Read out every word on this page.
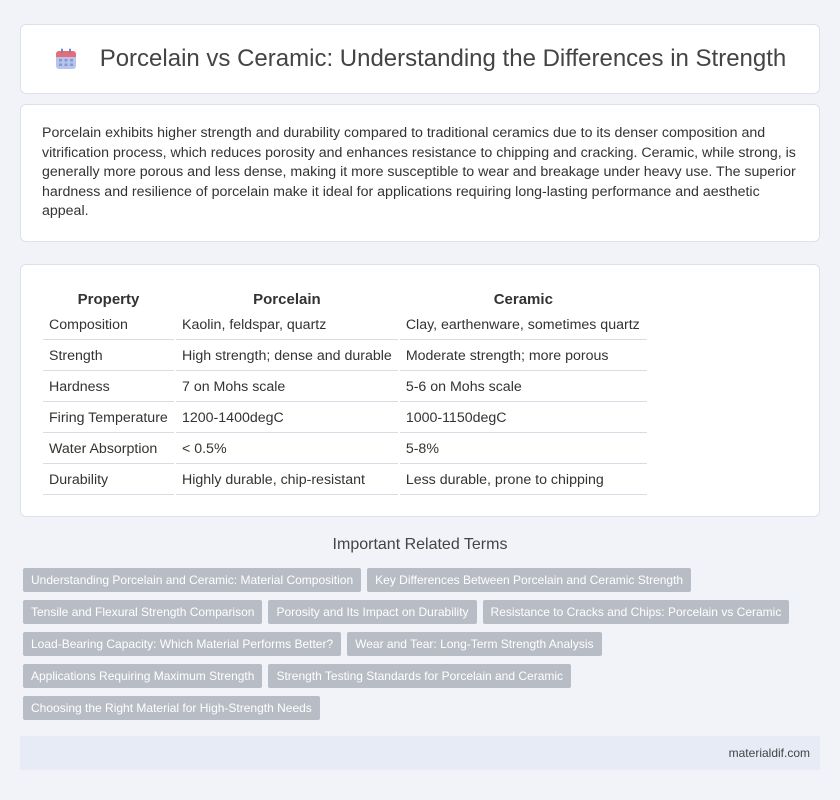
Porcelain vs Ceramic: Understanding the Differences in Strength

Porcelain exhibits higher strength and durability compared to traditional ceramics due to its denser composition and vitrification process, which reduces porosity and enhances resistance to chipping and cracking. Ceramic, while strong, is generally more porous and less dense, making it more susceptible to wear and breakage under heavy use. The superior hardness and resilience of porcelain make it ideal for applications requiring long-lasting performance and aesthetic appeal.

Property	Porcelain	Ceramic
Composition	Kaolin, feldspar, quartz	Clay, earthenware, sometimes quartz
Strength	High strength; dense and durable	Moderate strength; more porous
Hardness	7 on Mohs scale	5-6 on Mohs scale
Firing Temperature	1200-1400degC	1000-1150degC
Water Absorption	< 0.5%	5-8%
Durability	Highly durable, chip-resistant	Less durable, prone to chipping
Important Related Terms
Understanding Porcelain and Ceramic: Material Composition	Key Differences Between Porcelain and Ceramic Strength
Tensile and Flexural Strength Comparison	Porosity and Its Impact on Durability	Resistance to Cracks and Chips: Porcelain vs Ceramic
Load-Bearing Capacity: Which Material Performs Better?	Wear and Tear: Long-Term Strength Analysis
Applications Requiring Maximum Strength	Strength Testing Standards for Porcelain and Ceramic
Choosing the Right Material for High-Strength Needs
materialdif.com
